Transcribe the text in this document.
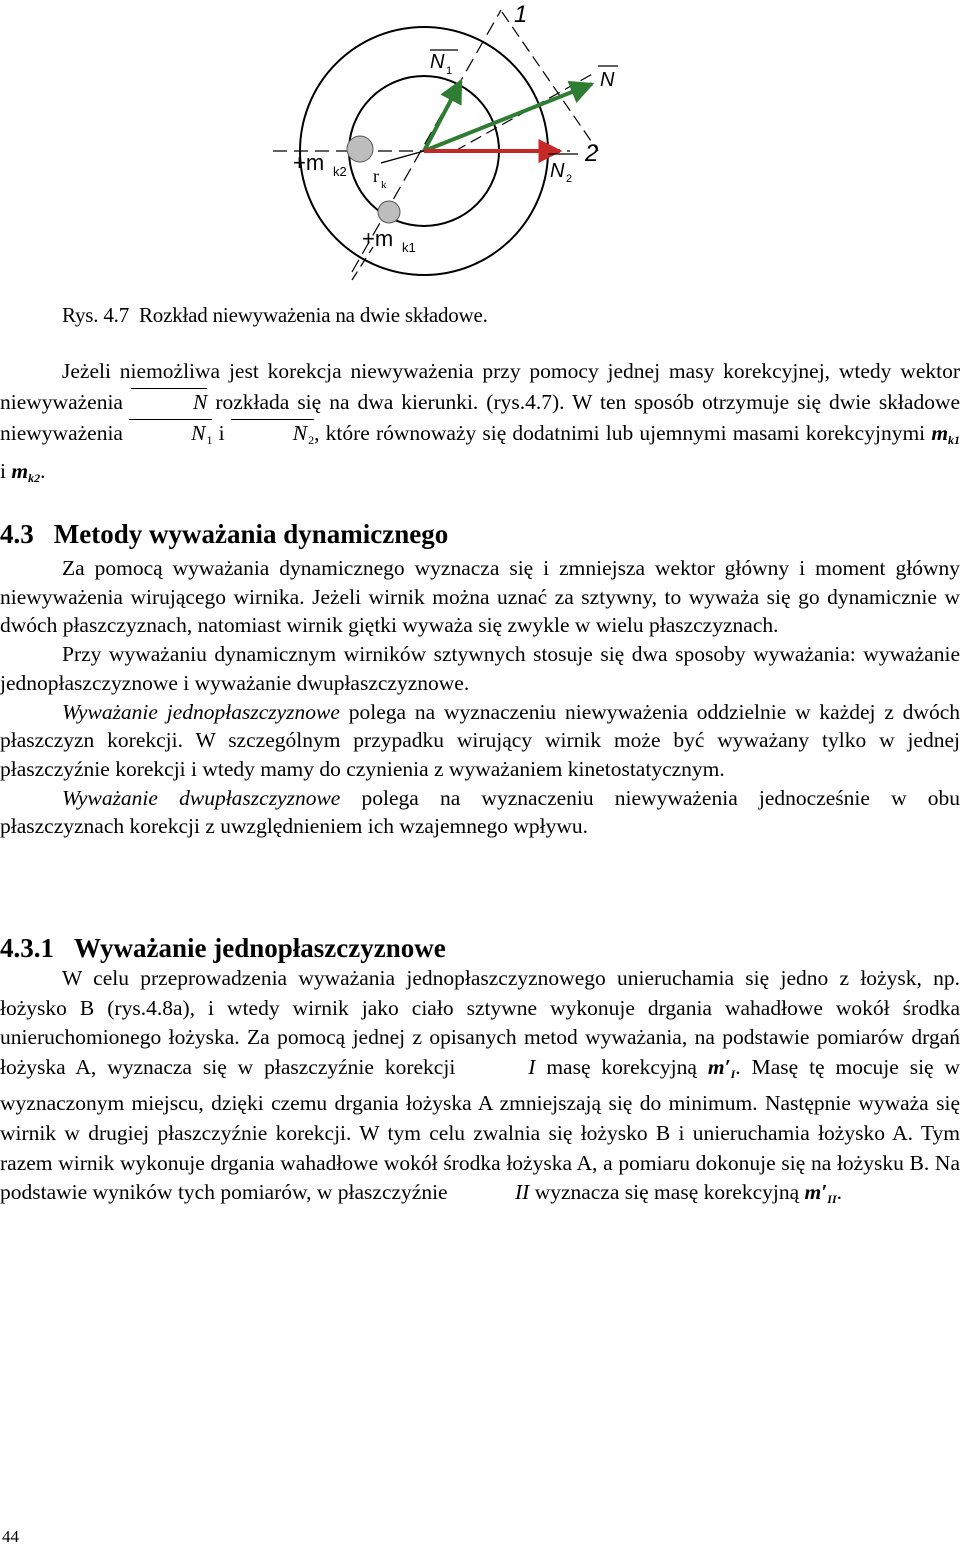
1
2
N 1	N
N 2
+m k2 r k
+m k1
Rys. 4.7 Rozkład niewyważenia na dwie składowe.

Jeżeli niemożliwa jest korekcja niewyważenia przy pomocy jednej masy korekcyjnej, wtedy wektor niewyważenia	N rozkłada się na dwa kierunki. (rys.4.7). W ten sposób otrzymuje się dwie składowe niewyważenia	$N_1$ i	$N_2$, które równoważy się dodatnimi lub ujemnymi masami korekcyjnymi $m_{k1}$ i $m_{k2}$.

4.3 Metody wyważania dynamicznego

Za pomocą wyważania dynamicznego wyznacza się i zmniejsza wektor główny i moment główny niewyważenia wirującego wirnika. Jeżeli wirnik można uznać za sztywny, to wyważa się go dynamicznie w dwóch płaszczyznach, natomiast wirnik giętki wyważa się zwykle w wielu płaszczyznach.

Przy wyważaniu dynamicznym wirników sztywnych stosuje się dwa sposoby wyważania: wyważanie jednopłaszczyznowe i wyważanie dwupłaszczyznowe.

Wyważanie jednopłaszczyznowe polega na wyznaczeniu niewyważenia oddzielnie w każdej z dwóch płaszczyzn korekcji. W szczególnym przypadku wirujący wirnik może być wyważany tylko w jednej płaszczyźnie korekcji i wtedy mamy do czynienia z wyważaniem kinetostatycznym.

Wyważanie dwupłaszczyznowe polega na wyznaczeniu niewyważenia jednocześnie w obu płaszczyznach korekcji z uwzględnieniem ich wzajemnego wpływu.

4.3.1 Wyważanie jednopłaszczyznowe

W celu przeprowadzenia wyważania jednopłaszczyznowego unieruchamia się jedno z łożysk, np. łożysko B (rys.4.8a), i wtedy wirnik jako ciało sztywne wykonuje drgania wahadłowe wokół środka unieruchomionego łożyska. Za pomocą jednej z opisanych metod wyważania, na podstawie pomiarów drgań łożyska A, wyznacza się w płaszczyźnie korekcji	I masę korekcyjną $m'_I$. Masę tę mocuje się w wyznaczonym miejscu, dzięki czemu drgania łożyska A zmniejszają się do minimum. Następnie wyważa się wirnik w drugiej płaszczyźnie korekcji. W tym celu zwalnia się łożysko B i unieruchamia łożysko A. Tym razem wirnik wykonuje drgania wahadłowe wokół środka łożyska A, a pomiaru dokonuje się na łożysku B. Na podstawie wyników tych pomiarów, w płaszczyźnie	II wyznacza się masę korekcyjną $m'_{II}$.

44
